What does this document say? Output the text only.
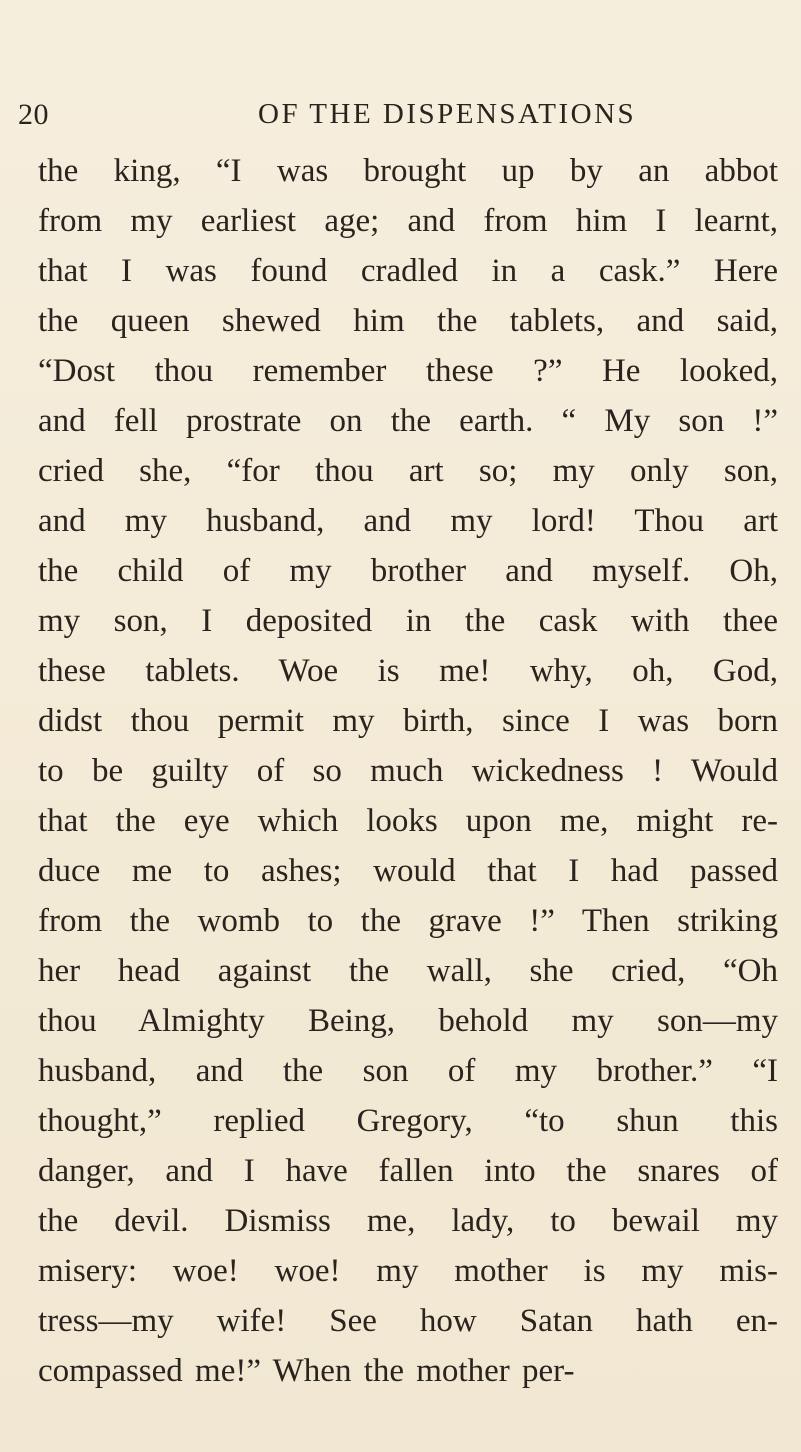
20	OF THE DISPENSATIONS
the king, “I was brought up by an abbot
from my earliest age; and from him I learnt,
that I was found cradled in a cask.” Here
the queen shewed him the tablets, and said,
“Dost thou remember these ?” He looked,
and fell prostrate on the earth. “ My son !”
cried she, “for thou art so; my only son,
and my husband, and my lord! Thou art
the child of my brother and myself. Oh,
my son, I deposited in the cask with thee
these tablets. Woe is me! why, oh, God,
didst thou permit my birth, since I was born
to be guilty of so much wickedness ! Would
that the eye which looks upon me, might re-
duce me to ashes; would that I had passed
from the womb to the grave !” Then striking
her head against the wall, she cried, “Oh
thou Almighty Being, behold my son—my
husband, and the son of my brother.” “I
thought,” replied Gregory, “to shun this
danger, and I have fallen into the snares of
the devil. Dismiss me, lady, to bewail my
misery: woe! woe! my mother is my mis-
tress—my wife! See how Satan hath en-
compassed me!” When the mother per-
